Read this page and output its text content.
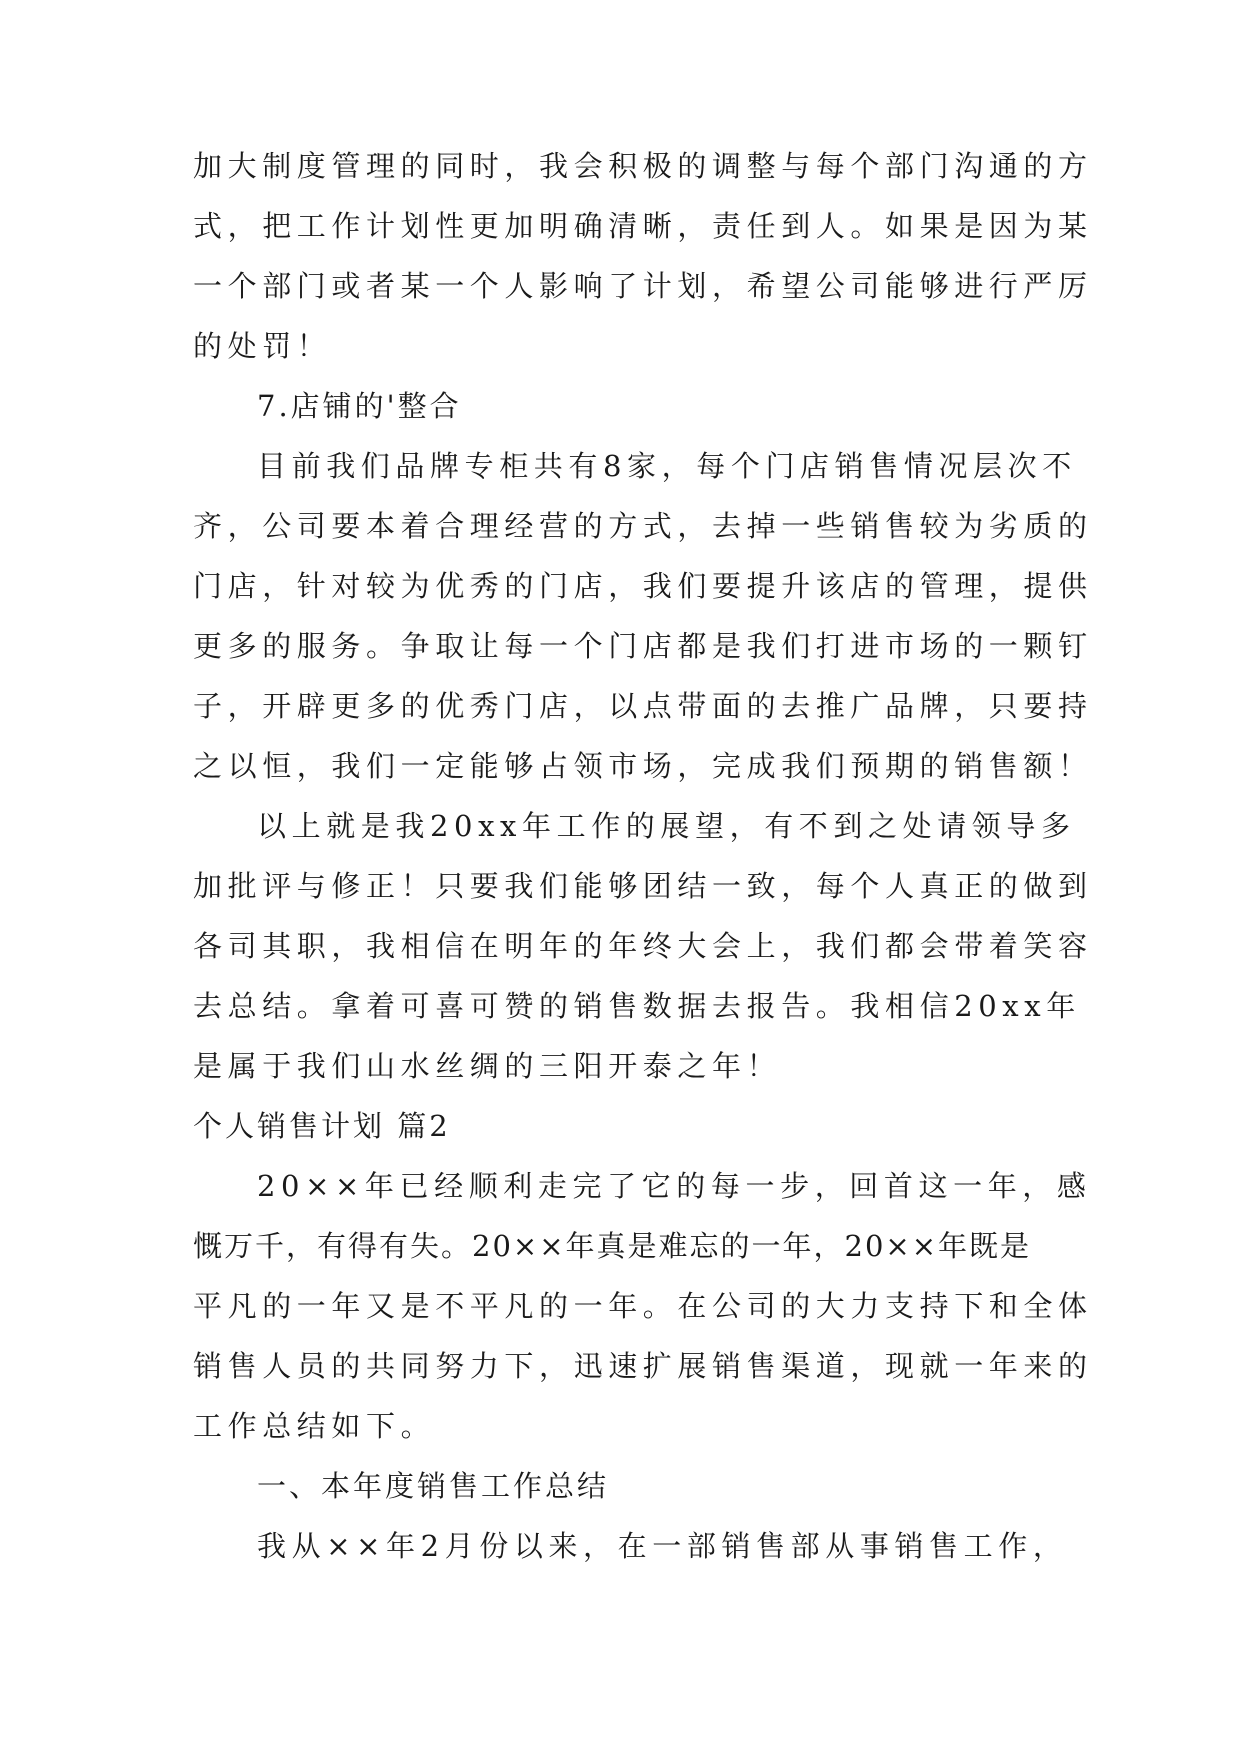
加大制度管理的同时，我会积极的调整与每个部门沟通的方
式，把工作计划性更加明确清晰，责任到人。如果是因为某
一个部门或者某一个人影响了计划，希望公司能够进行严厉
的处罚！
7.店铺的'整合
目前我们品牌专柜共有8家，每个门店销售情况层次不
齐，公司要本着合理经营的方式，去掉一些销售较为劣质的
门店，针对较为优秀的门店，我们要提升该店的管理，提供
更多的服务。争取让每一个门店都是我们打进市场的一颗钉
子，开辟更多的优秀门店，以点带面的去推广品牌，只要持
之以恒，我们一定能够占领市场，完成我们预期的销售额！
以上就是我20xx年工作的展望，有不到之处请领导多
加批评与修正！只要我们能够团结一致，每个人真正的做到
各司其职，我相信在明年的年终大会上，我们都会带着笑容
去总结。拿着可喜可赞的销售数据去报告。我相信20xx年
是属于我们山水丝绸的三阳开泰之年！
个人销售计划 篇2
20××年已经顺利走完了它的每一步，回首这一年，感
慨万千，有得有失。20××年真是难忘的一年，20××年既是
平凡的一年又是不平凡的一年。在公司的大力支持下和全体
销售人员的共同努力下，迅速扩展销售渠道，现就一年来的
工作总结如下。
一、本年度销售工作总结
我从××年2月份以来，在一部销售部从事销售工作，
